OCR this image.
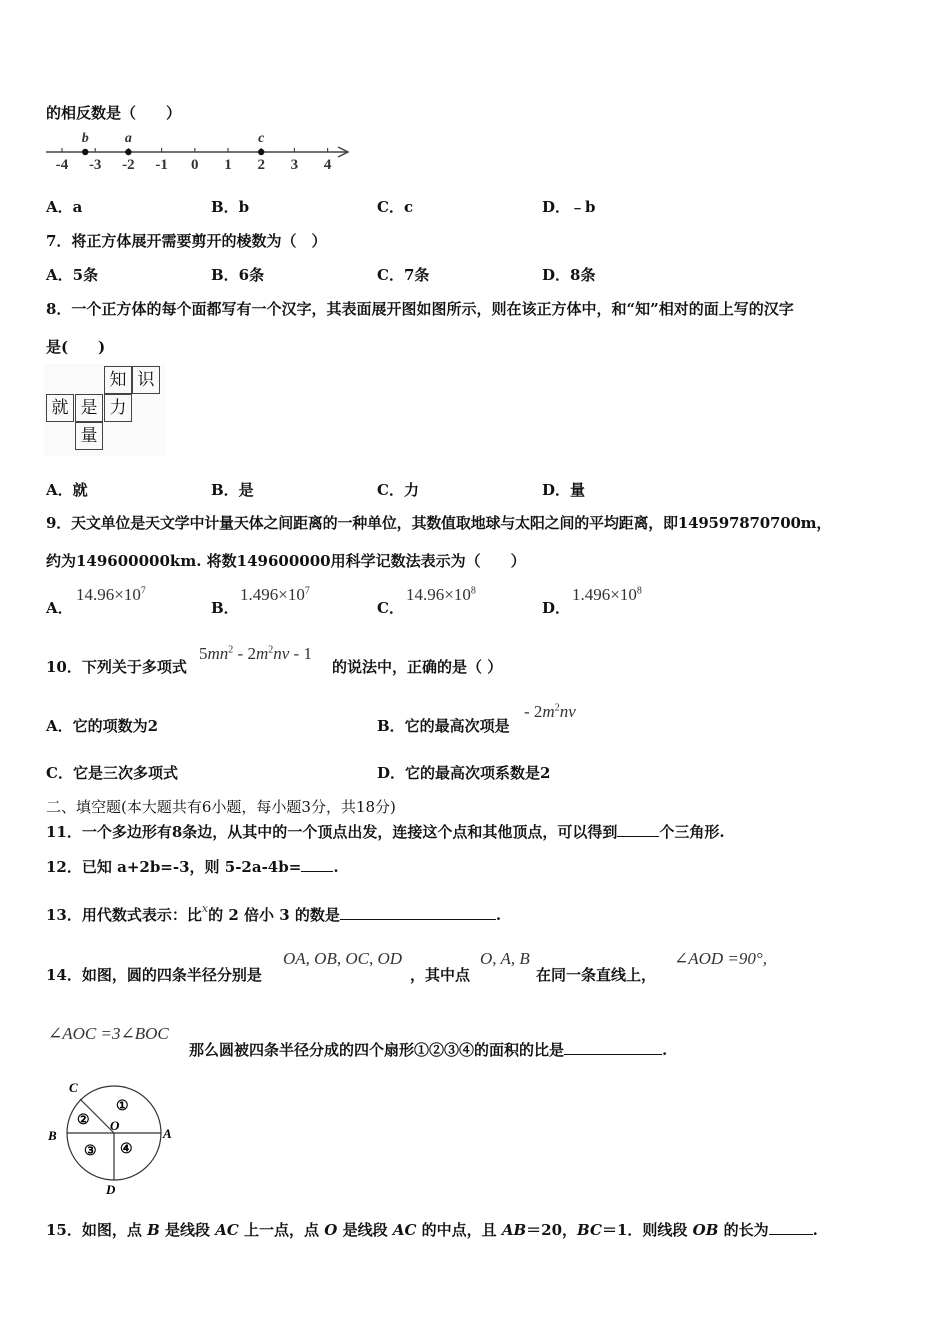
的相反数是（　　）
-4 -3 -2 -1 0 1 2 3 4
b	a	c
A．a	B．b	C．c	D．﹣b
7．将正方体展开需要剪开的棱数为（　）
A．5条	B．6条	C．7条	D．8条
8．一个正方体的每个面都写有一个汉字，其表面展开图如图所示，则在该正方体中，和“知”相对的面上写的汉字
是(　　)
知 识
就 是 力
量
A．就	B．是	C．力	D．量
9．天文单位是天文学中计量天体之间距离的一种单位，其数值取地球与太阳之间的平均距离，即149597870700m，
约为149600000km. 将数149600000用科学记数法表示为（　　）
A．
$14.96\times 10^7$
B．
$1.496\times 10^7$
C．
$14.96\times 10^8$
D．
$1.496\times 10^8$
10．下列关于多项式
$5mn^2 - 2m^2nv - 1$
的说法中，正确的是（ ）
A．它的项数为2	B．它的最高次项是
- $2m^2nv$
C．它是三次多项式	D．它的最高次项系数是2
二、填空题(本大题共有6小题，每小题3分，共18分)
11．一个多边形有8条边，从其中的一个顶点出发，连接这个点和其他顶点，可以得到	个三角形.
12．已知 a+2b=-3，则 5-2a-4b= .
13．用代数式表示：比$^x$的 2 倍小 3 的数是	.
14．如图，圆的四条半径分别是
OA, OB, OC, OD
，其中点
O, A, B
在同一条直线上，
∠AOD =90°,
∠AOC =3∠BOC
那么圆被四条半径分成的四个扇形①②③④的面积的比是	.
C
B	A
D
O
①
②
③ ④
15．如图，点 B 是线段 AC 上一点，点 O 是线段 AC 的中点，且 AB＝20，BC＝1．则线段 OB 的长为	.
